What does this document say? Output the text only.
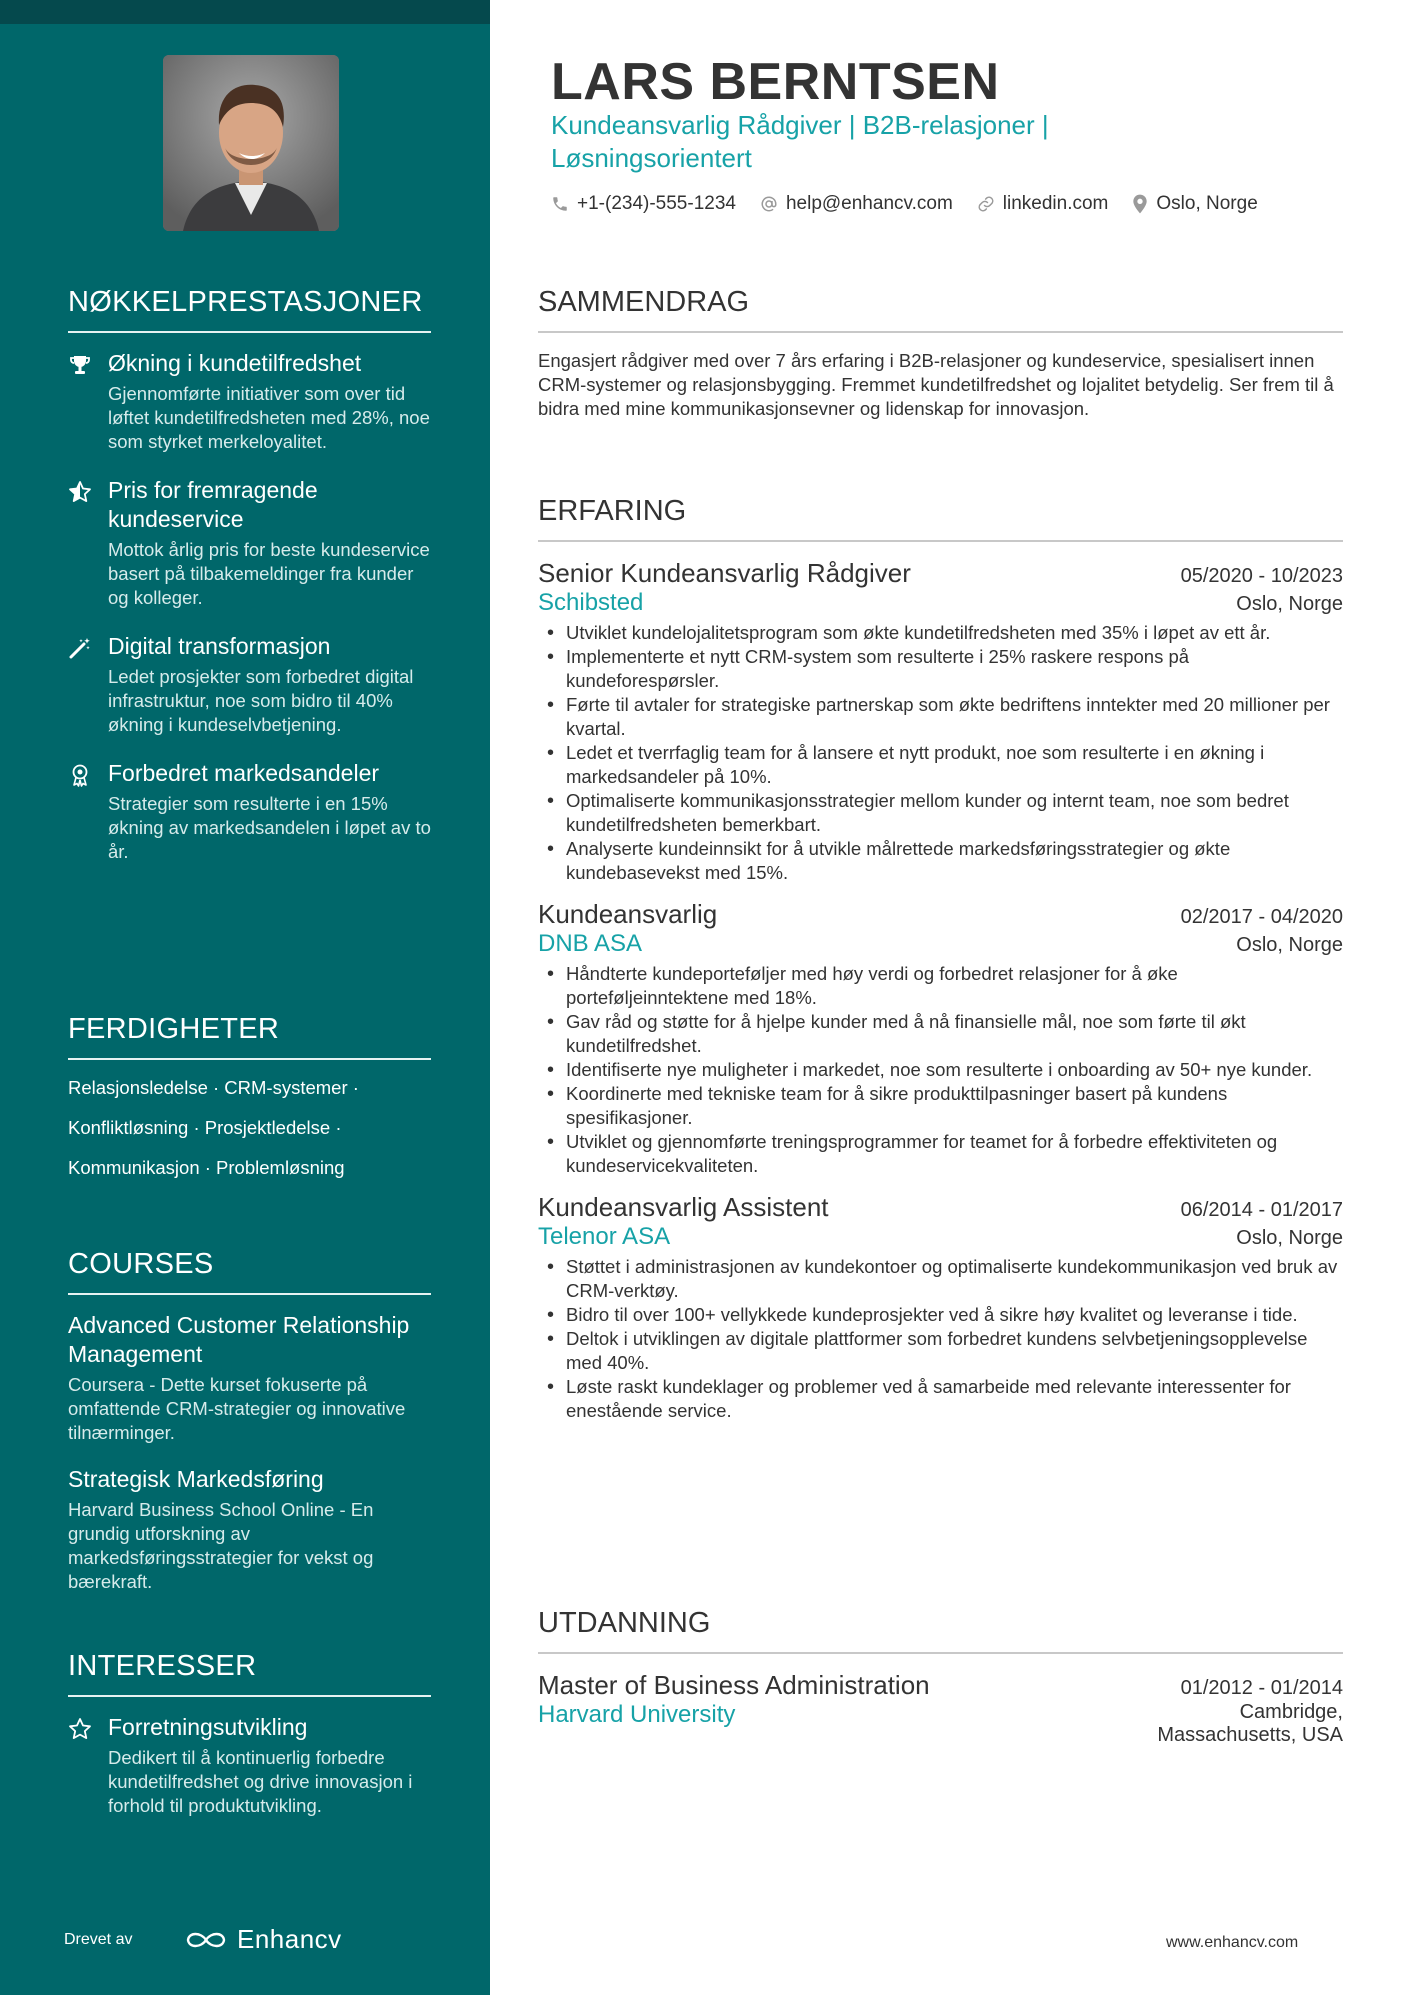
NØKKELPRESTASJONER
Økning i kundetilfredshet
Gjennomførte initiativer som over tid løftet kundetilfredsheten med 28%, noe som styrket merkeloyalitet.
Pris for fremragende kundeservice
Mottok årlig pris for beste kundeservice basert på tilbakemeldinger fra kunder og kolleger.
Digital transformasjon
Ledet prosjekter som forbedret digital infrastruktur, noe som bidro til 40% økning i kundeselvbetjening.
Forbedret markedsandeler
Strategier som resulterte i en 15% økning av markedsandelen i løpet av to år.
FERDIGHETER
Relasjonsledelse · CRM-systemer ·
Konfliktløsning · Prosjektledelse ·
Kommunikasjon · Problemløsning
COURSES
Advanced Customer Relationship Management
Coursera - Dette kurset fokuserte på omfattende CRM-strategier og innovative tilnærminger.
Strategisk Markedsføring
Harvard Business School Online - En grundig utforskning av markedsføringsstrategier for vekst og bærekraft.
INTERESSER
Forretningsutvikling
Dedikert til å kontinuerlig forbedre kundetilfredshet og drive innovasjon i forhold til produktutvikling.
Drevet av	Enhancv
LARS BERNTSEN
Kundeansvarlig Rådgiver | B2B-relasjoner | Løsningsorientert
+1-(234)-555-1234	help@enhancv.com	linkedin.com	Oslo, Norge
SAMMENDRAG

Engasjert rådgiver med over 7 års erfaring i B2B-relasjoner og kundeservice, spesialisert innen CRM-systemer og relasjonsbygging. Fremmet kundetilfredshet og lojalitet betydelig. Ser frem til å bidra med mine kommunikasjonsevner og lidenskap for innovasjon.

ERFARING
Senior Kundeansvarlig Rådgiver	05/2020 - 10/2023
Schibsted	Oslo, Norge
• Utviklet kundelojalitetsprogram som økte kundetilfredsheten med 35% i løpet av ett år.
• Implementerte et nytt CRM-system som resulterte i 25% raskere respons på kundeforespørsler.
• Førte til avtaler for strategiske partnerskap som økte bedriftens inntekter med 20 millioner per kvartal.
• Ledet et tverrfaglig team for å lansere et nytt produkt, noe som resulterte i en økning i markedsandeler på 10%.
• Optimaliserte kommunikasjonsstrategier mellom kunder og internt team, noe som bedret kundetilfredsheten bemerkbart.
• Analyserte kundeinnsikt for å utvikle målrettede markedsføringsstrategier og økte kundebasevekst med 15%.
Kundeansvarlig	02/2017 - 04/2020
DNB ASA	Oslo, Norge
• Håndterte kundeporteføljer med høy verdi og forbedret relasjoner for å øke porteføljeinntektene med 18%.
• Gav råd og støtte for å hjelpe kunder med å nå finansielle mål, noe som førte til økt kundetilfredshet.
• Identifiserte nye muligheter i markedet, noe som resulterte i onboarding av 50+ nye kunder.
• Koordinerte med tekniske team for å sikre produkttilpasninger basert på kundens spesifikasjoner.
• Utviklet og gjennomførte treningsprogrammer for teamet for å forbedre effektiviteten og kundeservicekvaliteten.
Kundeansvarlig Assistent	06/2014 - 01/2017
Telenor ASA	Oslo, Norge
• Støttet i administrasjonen av kundekontoer og optimaliserte kundekommunikasjon ved bruk av CRM-verktøy.
• Bidro til over 100+ vellykkede kundeprosjekter ved å sikre høy kvalitet og leveranse i tide.
• Deltok i utviklingen av digitale plattformer som forbedret kundens selvbetjeningsopplevelse med 40%.
• Løste raskt kundeklager og problemer ved å samarbeide med relevante interessenter for enestående service.
UTDANNING
Master of Business Administration	01/2012 - 01/2014
Harvard University	Cambridge,
Massachusetts, USA
www.enhancv.com
